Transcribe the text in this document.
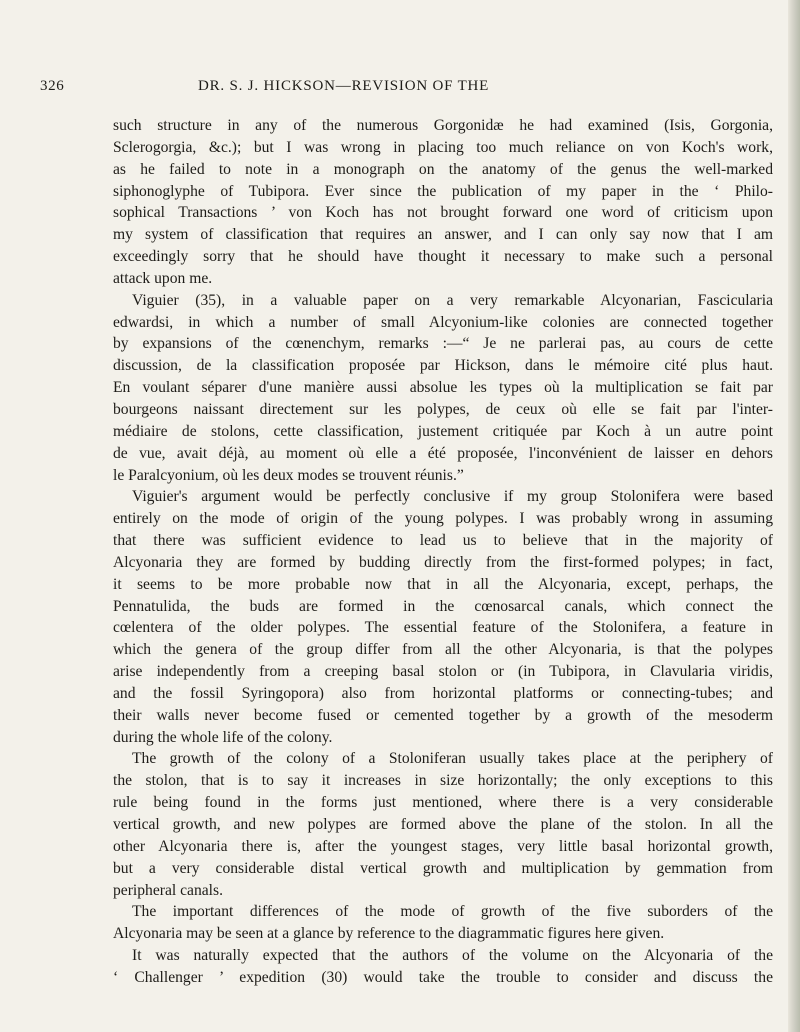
326	DR. S. J. HICKSON—REVISION OF THE
such structure in any of the numerous Gorgonidæ he had examined (Isis, Gorgonia,
Sclerogorgia, &c.); but I was wrong in placing too much reliance on von Koch's work,
as he failed to note in a monograph on the anatomy of the genus the well-marked
siphonoglyphe of Tubipora. Ever since the publication of my paper in the ‘ Philo-
sophical Transactions ’ von Koch has not brought forward one word of criticism upon
my system of classification that requires an answer, and I can only say now that I am
exceedingly sorry that he should have thought it necessary to make such a personal
attack upon me.
Viguier (35), in a valuable paper on a very remarkable Alcyonarian, Fascicularia
edwardsi, in which a number of small Alcyonium-like colonies are connected together
by expansions of the cœnenchym, remarks :—“ Je ne parlerai pas, au cours de cette
discussion, de la classification proposée par Hickson, dans le mémoire cité plus haut.
En voulant séparer d'une manière aussi absolue les types où la multiplication se fait par
bourgeons naissant directement sur les polypes, de ceux où elle se fait par l'inter-
médiaire de stolons, cette classification, justement critiquée par Koch à un autre point
de vue, avait déjà, au moment où elle a été proposée, l'inconvénient de laisser en dehors
le Paralcyonium, où les deux modes se trouvent réunis.”
Viguier's argument would be perfectly conclusive if my group Stolonifera were based
entirely on the mode of origin of the young polypes. I was probably wrong in assuming
that there was sufficient evidence to lead us to believe that in the majority of
Alcyonaria they are formed by budding directly from the first-formed polypes; in fact,
it seems to be more probable now that in all the Alcyonaria, except, perhaps, the
Pennatulida, the buds are formed in the cœnosarcal canals, which connect the
cœlentera of the older polypes. The essential feature of the Stolonifera, a feature in
which the genera of the group differ from all the other Alcyonaria, is that the polypes
arise independently from a creeping basal stolon or (in Tubipora, in Clavularia viridis,
and the fossil Syringopora) also from horizontal platforms or connecting-tubes; and
their walls never become fused or cemented together by a growth of the mesoderm
during the whole life of the colony.
The growth of the colony of a Stoloniferan usually takes place at the periphery of
the stolon, that is to say it increases in size horizontally; the only exceptions to this
rule being found in the forms just mentioned, where there is a very considerable
vertical growth, and new polypes are formed above the plane of the stolon. In all the
other Alcyonaria there is, after the youngest stages, very little basal horizontal growth,
but a very considerable distal vertical growth and multiplication by gemmation from
peripheral canals.
The important differences of the mode of growth of the five suborders of the
Alcyonaria may be seen at a glance by reference to the diagrammatic figures here given.
It was naturally expected that the authors of the volume on the Alcyonaria of the
‘ Challenger ’ expedition (30) would take the trouble to consider and discuss the
